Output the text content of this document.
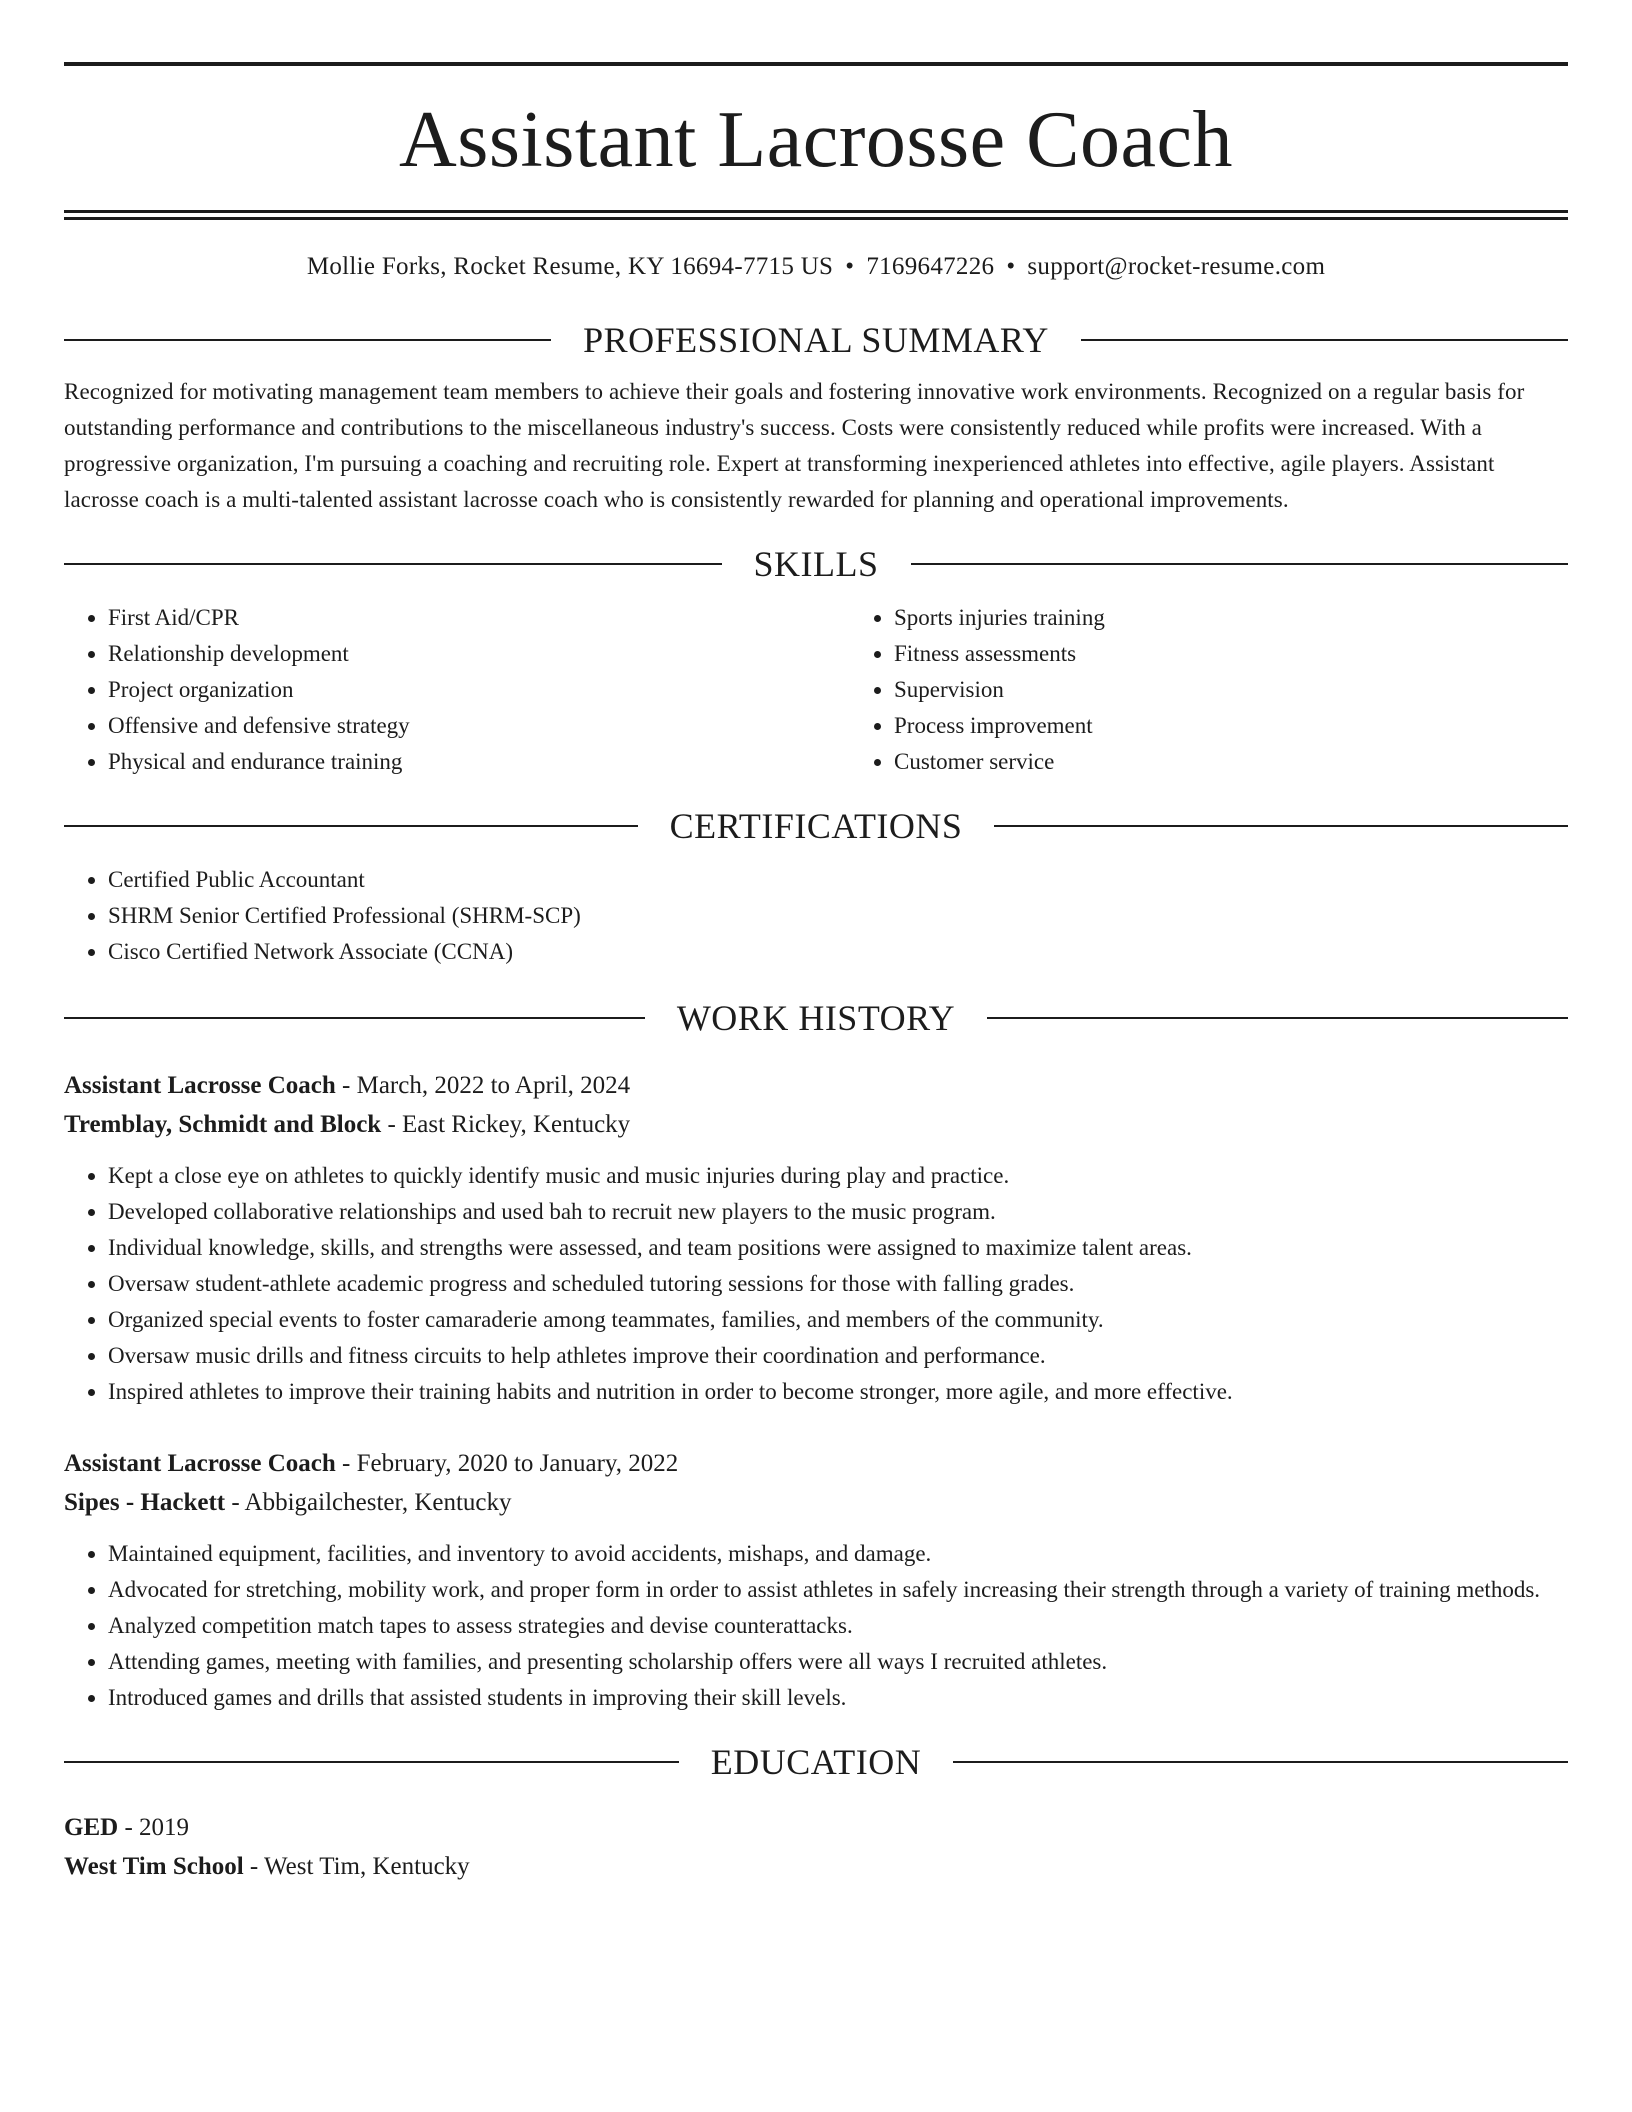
Assistant Lacrosse Coach
Mollie Forks, Rocket Resume, KY 16694-7715 US • 7169647226 • support@rocket-resume.com
PROFESSIONAL SUMMARY
Recognized for motivating management team members to achieve their goals and fostering innovative work environments. Recognized on a regular basis for outstanding performance and contributions to the miscellaneous industry's success. Costs were consistently reduced while profits were increased. With a progressive organization, I'm pursuing a coaching and recruiting role. Expert at transforming inexperienced athletes into effective, agile players. Assistant lacrosse coach is a multi-talented assistant lacrosse coach who is consistently rewarded for planning and operational improvements.
SKILLS
• First Aid/CPR
• Relationship development
• Project organization
• Offensive and defensive strategy
• Physical and endurance training
• Sports injuries training
• Fitness assessments
• Supervision
• Process improvement
• Customer service
CERTIFICATIONS
• Certified Public Accountant
• SHRM Senior Certified Professional (SHRM-SCP)
• Cisco Certified Network Associate (CCNA)
WORK HISTORY
Assistant Lacrosse Coach - March, 2022 to April, 2024
Tremblay, Schmidt and Block - East Rickey, Kentucky
• Kept a close eye on athletes to quickly identify music and music injuries during play and practice.
• Developed collaborative relationships and used bah to recruit new players to the music program.
• Individual knowledge, skills, and strengths were assessed, and team positions were assigned to maximize talent areas.
• Oversaw student-athlete academic progress and scheduled tutoring sessions for those with falling grades.
• Organized special events to foster camaraderie among teammates, families, and members of the community.
• Oversaw music drills and fitness circuits to help athletes improve their coordination and performance.
• Inspired athletes to improve their training habits and nutrition in order to become stronger, more agile, and more effective.
Assistant Lacrosse Coach - February, 2020 to January, 2022
Sipes - Hackett - Abbigailchester, Kentucky
• Maintained equipment, facilities, and inventory to avoid accidents, mishaps, and damage.
• Advocated for stretching, mobility work, and proper form in order to assist athletes in safely increasing their strength through a variety of training methods.
• Analyzed competition match tapes to assess strategies and devise counterattacks.
• Attending games, meeting with families, and presenting scholarship offers were all ways I recruited athletes.
• Introduced games and drills that assisted students in improving their skill levels.
EDUCATION
GED - 2019
West Tim School - West Tim, Kentucky
